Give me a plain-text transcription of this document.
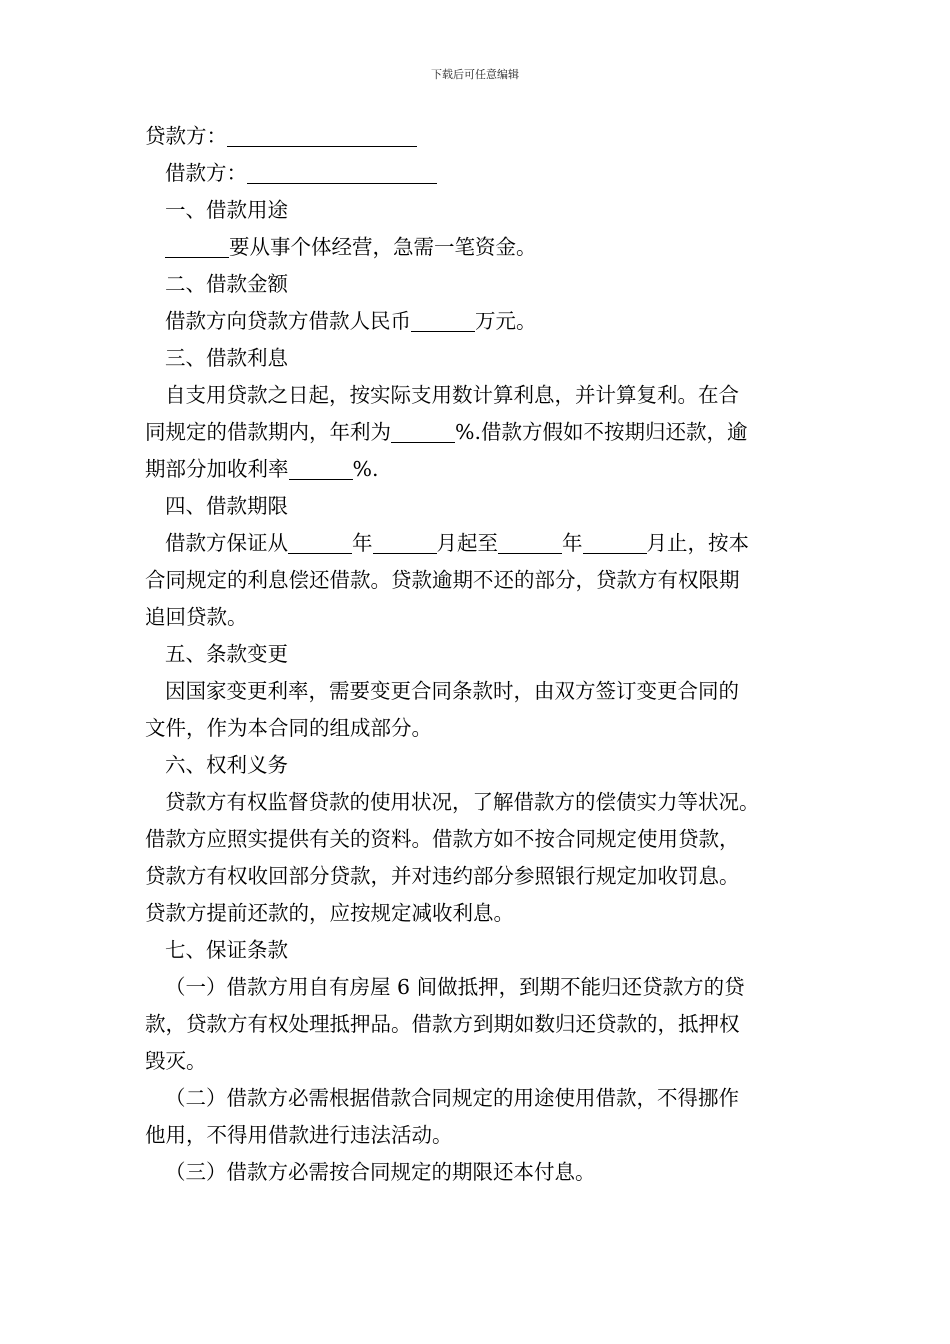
下载后可任意编辑
贷款方：
借款方：
一、借款用途
要从事个体经营，急需一笔资金。
二、借款金额
借款方向贷款方借款人民币	万元。
三、借款利息
自支用贷款之日起，按实际支用数计算利息，并计算复利。在合
同规定的借款期内，年利为	%.借款方假如不按期归还款，逾
期部分加收利率	%.
四、借款期限
借款方保证从	年	月起至	年	月止，按本
合同规定的利息偿还借款。贷款逾期不还的部分，贷款方有权限期
追回贷款。
五、条款变更
因国家变更利率，需要变更合同条款时，由双方签订变更合同的
文件，作为本合同的组成部分。
六、权利义务
贷款方有权监督贷款的使用状况，了解借款方的偿债实力等状况。
借款方应照实提供有关的资料。借款方如不按合同规定使用贷款，
贷款方有权收回部分贷款，并对违约部分参照银行规定加收罚息。
贷款方提前还款的，应按规定减收利息。
七、保证条款
（一）借款方用自有房屋 6 间做抵押，到期不能归还贷款方的贷
款，贷款方有权处理抵押品。借款方到期如数归还贷款的，抵押权
毁灭。
（二）借款方必需根据借款合同规定的用途使用借款，不得挪作
他用，不得用借款进行违法活动。
（三）借款方必需按合同规定的期限还本付息。
